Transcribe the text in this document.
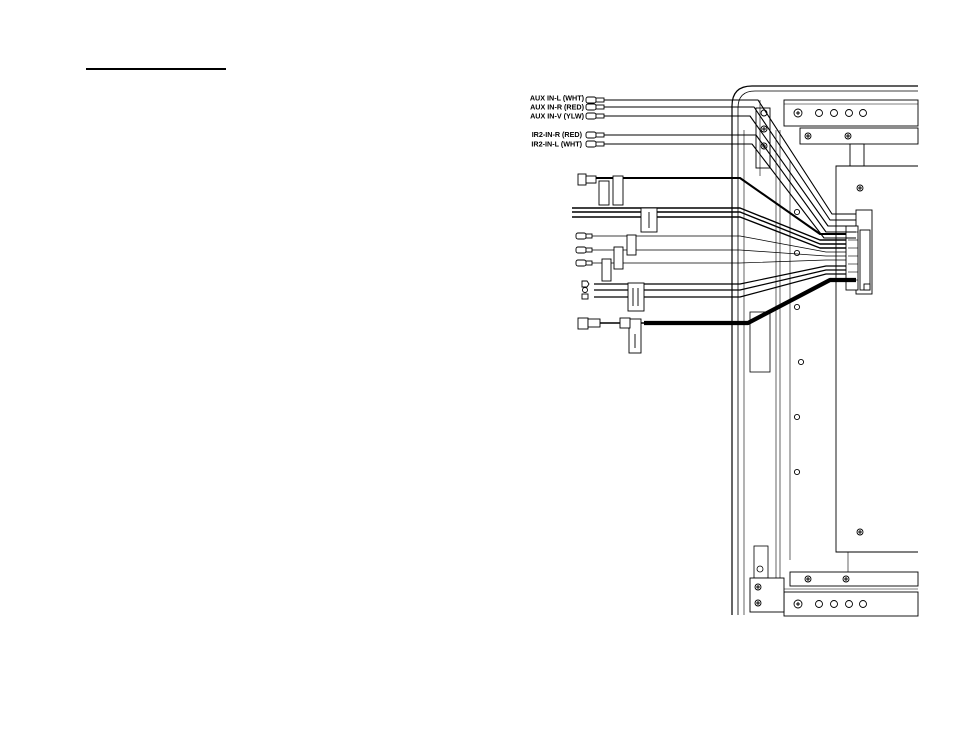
AUX IN-L (WHT)
AUX IN-R (RED)
AUX IN-V (YLW)
IR2-IN-R (RED)
IR2-IN-L (WHT)
